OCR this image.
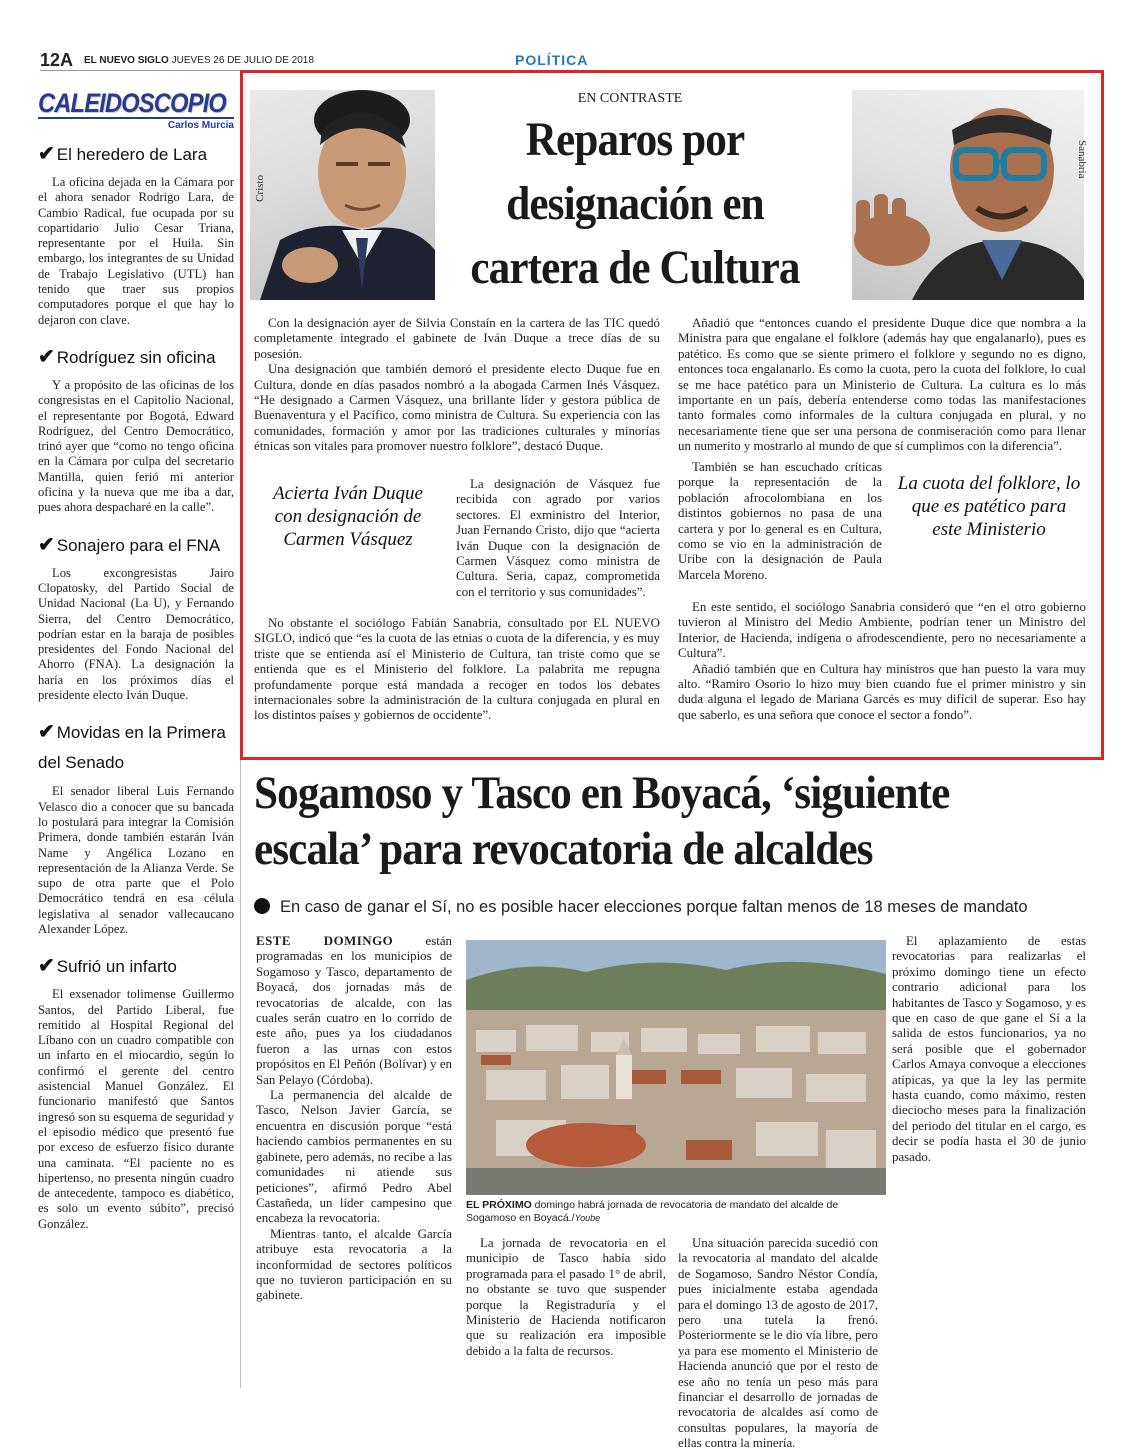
12A EL NUEVO SIGLO JUEVES 26 DE JULIO DE 2018	POLÍTICA
CALEIDOSCOPIO
Carlos Murcia
✔ El heredero de Lara

La oficina dejada en la Cámara por el ahora senador Rodrigo Lara, de Cambio Radical, fue ocupada por su copartidario Julio Cesar Triana, representante por el Huila. Sin embargo, los integrantes de su Unidad de Trabajo Legislativo (UTL) han tenido que traer sus propios computadores porque el que hay lo dejaron con clave.

✔ Rodríguez sin oficina

Y a propósito de las oficinas de los congresistas en el Capitolio Nacional, el representante por Bogotá, Edward Rodríguez, del Centro Democrático, trinó ayer que “como no tengo oficina en la Cámara por culpa del secretario Mantilla, quien ferió mi anterior oficina y la nueva que me iba a dar, pues ahora despacharé en la calle”.

✔ Sonajero para el FNA

Los excongresistas Jairo Clopatosky, del Partido Social de Unidad Nacional (La U), y Fernando Sierra, del Centro Democrático, podrían estar en la baraja de posibles presidentes del Fondo Nacional del Ahorro (FNA). La designación la haría en los próximos días el presidente electo Iván Duque.

✔ Movidas en la Primera del Senado

El senador liberal Luis Fernando Velasco dio a conocer que su bancada lo postulará para integrar la Comisión Primera, donde también estarán Iván Name y Angélica Lozano en representación de la Alianza Verde. Se supo de otra parte que el Polo Democrático tendrá en esa célula legislativa al senador vallecaucano Alexander López.

✔ Sufrió un infarto

El exsenador tolimense Guillermo Santos, del Partido Liberal, fue remitido al Hospital Regional del Líbano con un cuadro compatible con un infarto en el miocardio, según lo confirmó el gerente del centro asistencial Manuel González. El funcionario manifestó que Santos ingresó son su esquema de seguridad y el episodio médico que presentó fue por exceso de esfuerzo físico durante una caminata. “El paciente no es hipertenso, no presenta ningún cuadro de antecedente, tampoco es diabético, es solo un evento súbito”, precisó González.

Cristo
Sanabria
EN CONTRASTE
Reparos por designación en cartera de Cultura

Con la designación ayer de Silvia Constaín en la cartera de las TIC quedó completamente integrado el gabinete de Iván Duque a trece días de su posesión.

Una designación que también demoró el presidente electo Duque fue en Cultura, donde en días pasados nombró a la abogada Carmen Inés Vásquez. “He designado a Carmen Vásquez, una brillante líder y gestora pública de Buenaventura y el Pacífico, como ministra de Cultura. Su experiencia con las comunidades, formación y amor por las tradiciones culturales y minorías étnicas son vitales para promover nuestro folklore”, destacó Duque.

Acierta Iván Duque con designación de Carmen Vásquez

La designación de Vásquez fue recibida con agrado por varios sectores. El exministro del Interior, Juan Fernando Cristo, dijo que “acierta Iván Duque con la designación de Carmen Vásquez como ministra de Cultura. Seria, capaz, comprometida con el territorio y sus comunidades”.

No obstante el sociólogo Fabián Sanabria, consultado por EL NUEVO SIGLO, indicó que “es la cuota de las etnias o cuota de la diferencia, y es muy triste que se entienda así el Ministerio de Cultura, tan triste como que se entienda que es el Ministerio del folklore. La palabrita me repugna profundamente porque está mandada a recoger en todos los debates internacionales sobre la administración de la cultura conjugada en plural en los distintos países y gobiernos de occidente”.

Añadió que “entonces cuando el presidente Duque dice que nombra a la Ministra para que engalane el folklore (además hay que engalanarlo), pues es patético. Es como que se siente primero el folklore y segundo no es digno, entonces toca engalanarlo. Es como la cuota, pero la cuota del folklore, lo cual se me hace patético para un Ministerio de Cultura. La cultura es lo más importante en un país, debería entenderse como todas las manifestaciones tanto formales como informales de la cultura conjugada en plural, y no necesariamente tiene que ser una persona de conmiseración como para llenar un numerito y mostrarlo al mundo de que sí cumplimos con la diferencia”.

También se han escuchado críticas porque la representación de la población afrocolombiana en los distintos gobiernos no pasa de una cartera y por lo general es en Cultura, como se vio en la administración de Uribe con la designación de Paula Marcela Moreno.

La cuota del folklore, lo que es patético para este Ministerio

En este sentido, el sociólogo Sanabria consideró que “en el otro gobierno tuvieron al Ministro del Medio Ambiente, podrían tener un Ministro del Interior, de Hacienda, indígena o afrodescendiente, pero no necesariamente a Cultura”.

Añadió también que en Cultura hay ministros que han puesto la vara muy alto. “Ramiro Osorio lo hizo muy bien cuando fue el primer ministro y sin duda alguna el legado de Mariana Garcés es muy difícil de superar. Eso hay que saberlo, es una señora que conoce el sector a fondo”.

Sogamoso y Tasco en Boyacá, ‘siguiente escala’ para revocatoria de alcaldes
En caso de ganar el Sí, no es posible hacer elecciones porque faltan menos de 18 meses de mandato

ESTE DOMINGO están programadas en los municipios de Sogamoso y Tasco, departamento de Boyacá, dos jornadas más de revocatorias de alcalde, con las cuales serán cuatro en lo corrido de este año, pues ya los ciudadanos fueron a las urnas con estos propósitos en El Peñón (Bolívar) y en San Pelayo (Córdoba).

La permanencia del alcalde de Tasco, Nelson Javier García, se encuentra en discusión porque “está haciendo cambios permanentes en su gabinete, pero además, no recibe a las comunidades ni atiende sus peticiones”, afirmó Pedro Abel Castañeda, un líder campesino que encabeza la revocatoria.

Mientras tanto, el alcalde García atribuye esta revocatoria a la inconformidad de sectores políticos que no tuvieron participación en su gabinete.

EL PRÓXIMO domingo habrá jornada de revocatoria de mandato del alcalde de Sogamoso en Boyacá./Yoube

La jornada de revocatoria en el municipio de Tasco había sido programada para el pasado 1° de abril, no obstante se tuvo que suspender porque la Registraduría y el Ministerio de Hacienda notificaron que su realización era imposible debido a la falta de recursos.

Una situación parecida sucedió con la revocatoria al mandato del alcalde de Sogamoso, Sandro Néstor Condía, pues inicialmente estaba agendada para el domingo 13 de agosto de 2017, pero una tutela la frenó. Posteriormente se le dio vía libre, pero ya para ese momento el Ministerio de Hacienda anunció que por el resto de ese año no tenía un peso más para financiar el desarrollo de jornadas de revocatoria de alcaldes así como de consultas populares, la mayoría de ellas contra la minería.

El aplazamiento de estas revocatorias para realizarlas el próximo domingo tiene un efecto contrario adicional para los habitantes de Tasco y Sogamoso, y es que en caso de que gane el Sí a la salida de estos funcionarios, ya no será posible que el gobernador Carlos Amaya convoque a elecciones atípicas, ya que la ley las permite hasta cuando, como máximo, resten dieciocho meses para la finalización del periodo del titular en el cargo, es decir se podía hasta el 30 de junio pasado.
